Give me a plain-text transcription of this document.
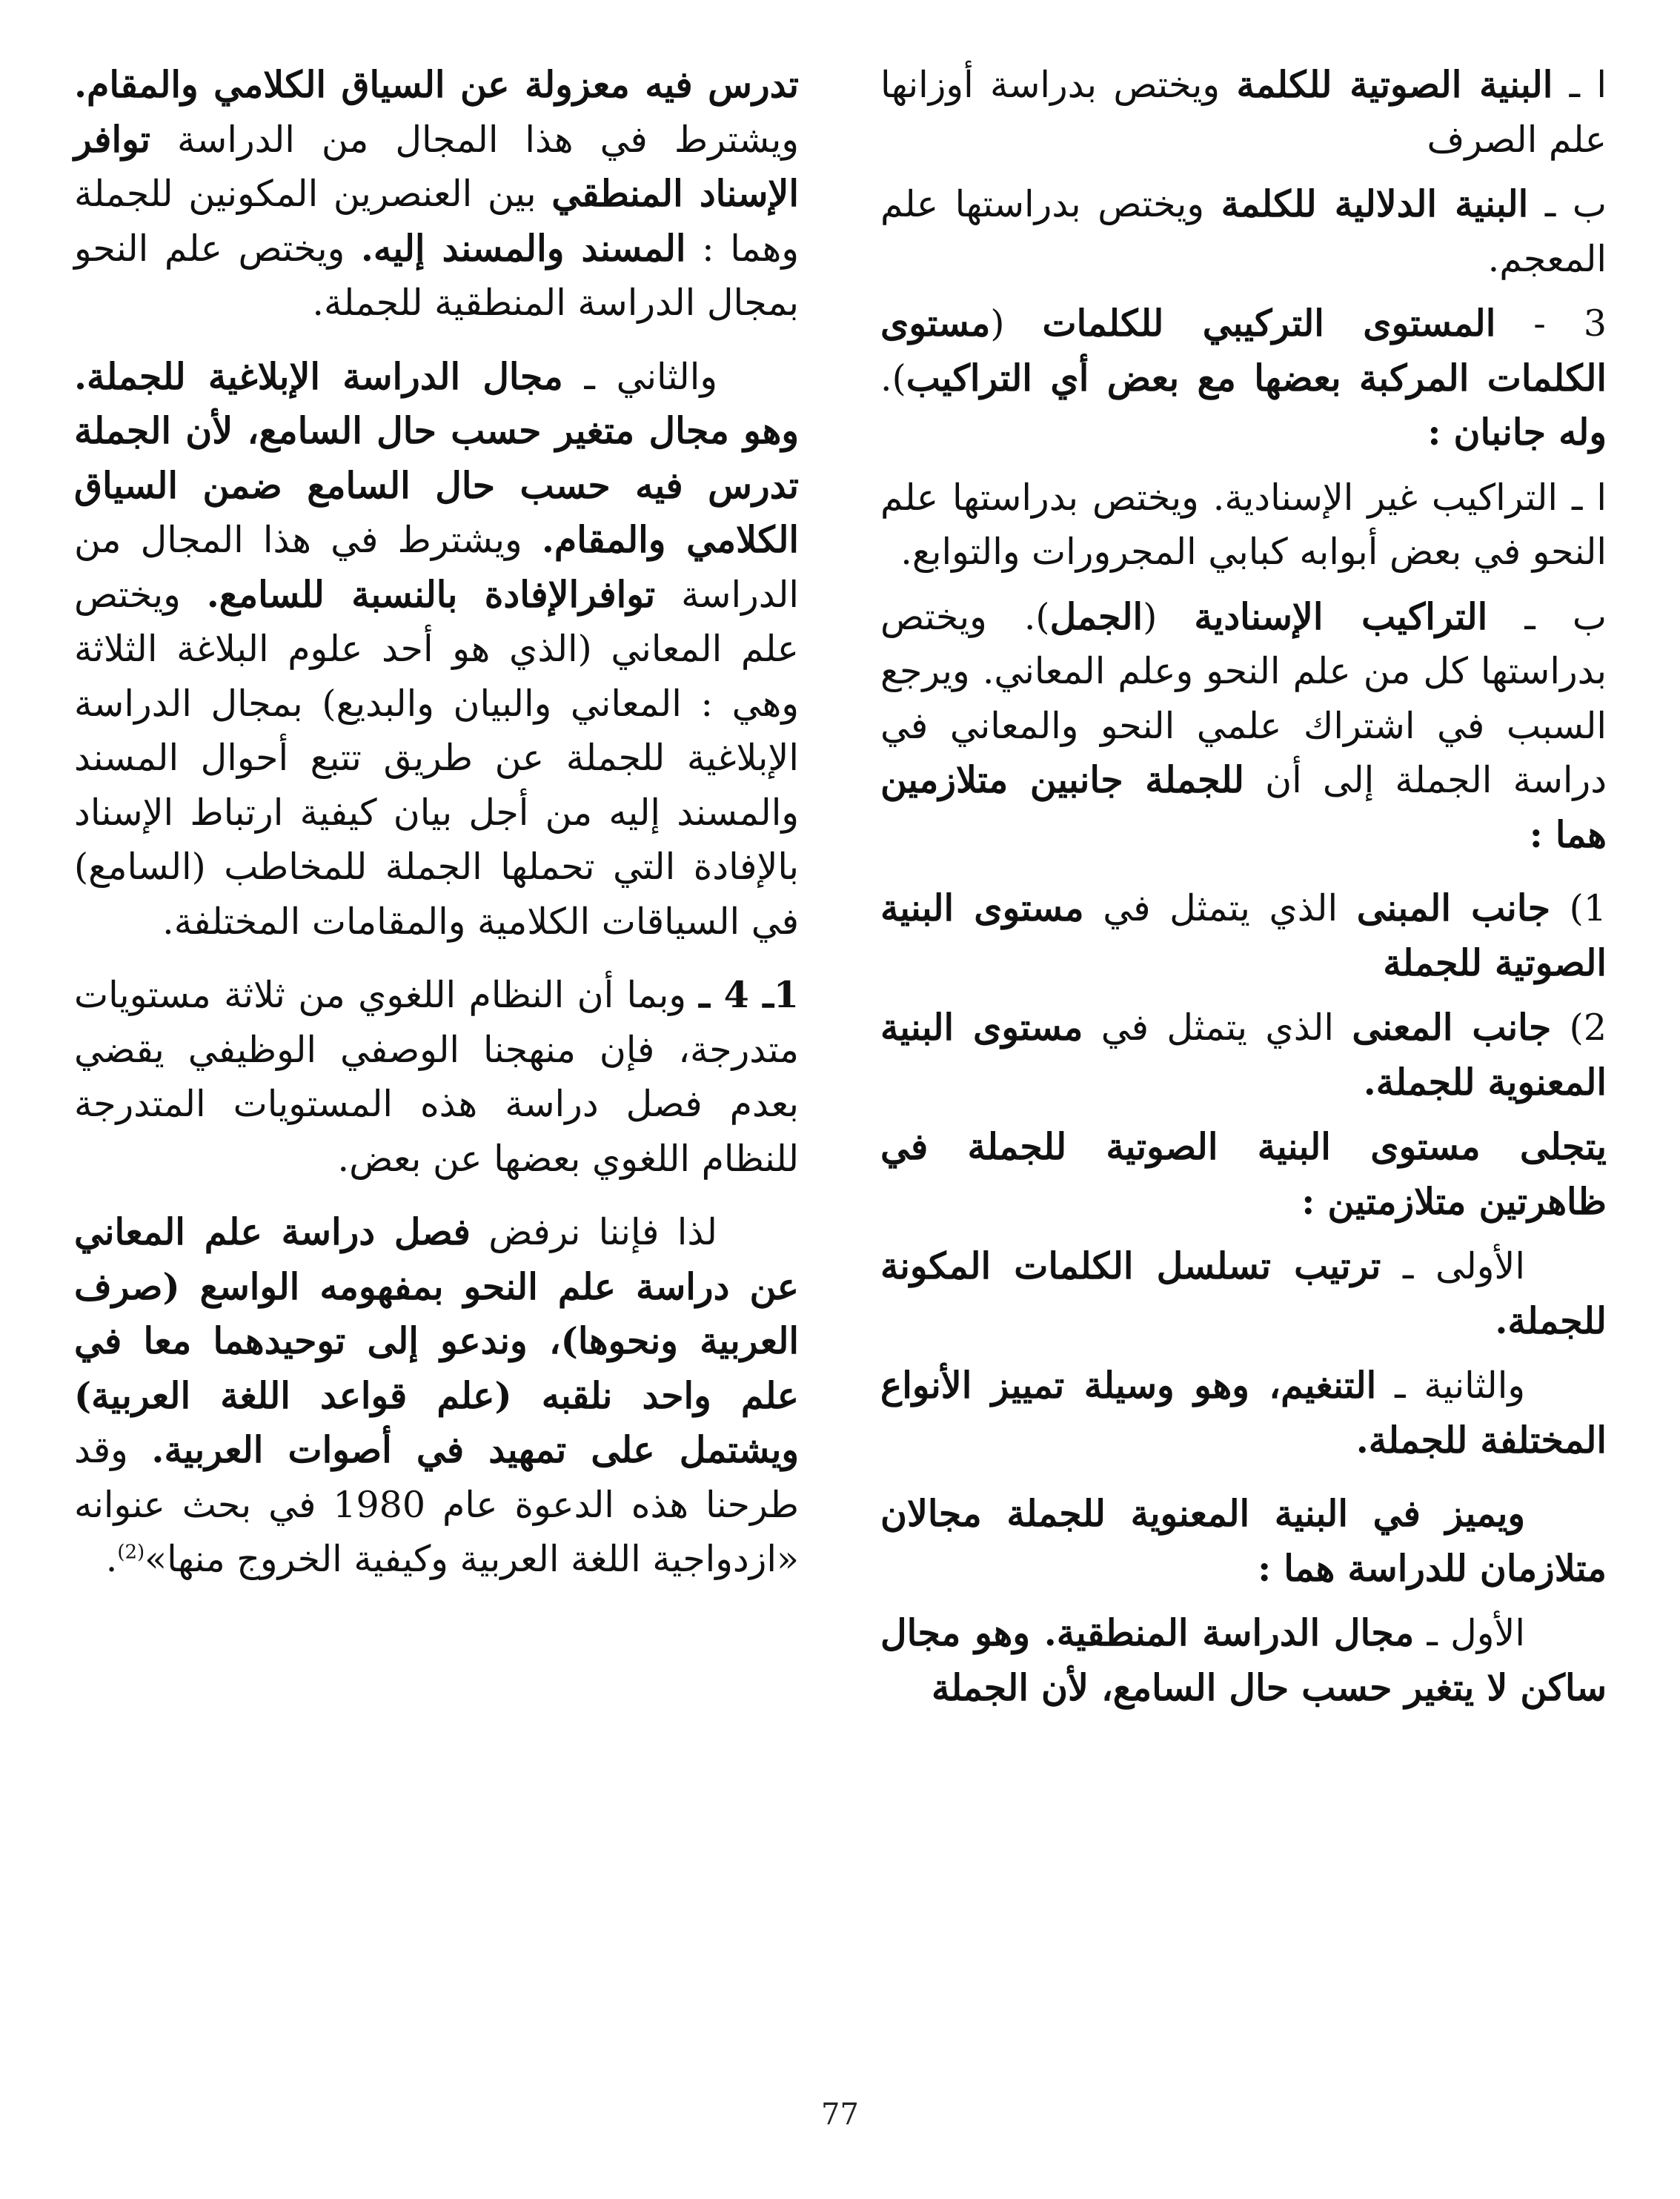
ا ـ البنية الصوتية للكلمة ويختص بدراسة أوزانها علم الصرف

ب ـ البنية الدلالية للكلمة ويختص بدراستها علم المعجم.

3 - المستوى التركيبي للكلمات (مستوى الكلمات المركبة بعضها مع بعض أي التراكيب). وله جانبان :

ا ـ التراكيب غير الإسنادية. ويختص بدراستها علم النحو في بعض أبوابه كبابي المجرورات والتوابع.

ب ـ التراكيب الإسنادية (الجمل). ويختص بدراستها كل من علم النحو وعلم المعاني. ويرجع السبب في اشتراك علمي النحو والمعاني في دراسة الجملة إلى أن للجملة جانبين متلازمين هما :

1) جانب المبنى الذي يتمثل في مستوى البنية الصوتية للجملة

2) جانب المعنى الذي يتمثل في مستوى البنية المعنوية للجملة.

يتجلى مستوى البنية الصوتية للجملة في ظاهرتين متلازمتين :

الأولى ـ ترتيب تسلسل الكلمات المكونة للجملة.

والثانية ـ التنغيم، وهو وسيلة تمييز الأنواع المختلفة للجملة.

ويميز في البنية المعنوية للجملة مجالان متلازمان للدراسة هما :

الأول ـ مجال الدراسة المنطقية. وهو مجال ساكن لا يتغير حسب حال السامع، لأن الجملة

تدرس فيه معزولة عن السياق الكلامي والمقام. ويشترط في هذا المجال من الدراسة توافر الإسناد المنطقي بين العنصرين المكونين للجملة وهما : المسند والمسند إليه. ويختص علم النحو بمجال الدراسة المنطقية للجملة.

والثاني ـ مجال الدراسة الإبلاغية للجملة. وهو مجال متغير حسب حال السامع، لأن الجملة تدرس فيه حسب حال السامع ضمن السياق الكلامي والمقام. ويشترط في هذا المجال من الدراسة توافرالإفادة بالنسبة للسامع. ويختص علم المعاني (الذي هو أحد علوم البلاغة الثلاثة وهي : المعاني والبيان والبديع) بمجال الدراسة الإبلاغية للجملة عن طريق تتبع أحوال المسند والمسند إليه من أجل بيان كيفية ارتباط الإسناد بالإفادة التي تحملها الجملة للمخاطب (السامع) في السياقات الكلامية والمقامات المختلفة.

1ـ 4 ـ وبما أن النظام اللغوي من ثلاثة مستويات متدرجة، فإن منهجنا الوصفي الوظيفي يقضي بعدم فصل دراسة هذه المستويات المتدرجة للنظام اللغوي بعضها عن بعض.

لذا فإننا نرفض فصل دراسة علم المعاني عن دراسة علم النحو بمفهومه الواسع (صرف العربية ونحوها)، وندعو إلى توحيدهما معا في علم واحد نلقبه (علم قواعد اللغة العربية) ويشتمل على تمهيد في أصوات العربية. وقد طرحنا هذه الدعوة عام 1980 في بحث عنوانه «ازدواجية اللغة العربية وكيفية الخروج منها»$^{(2)}$.

77
